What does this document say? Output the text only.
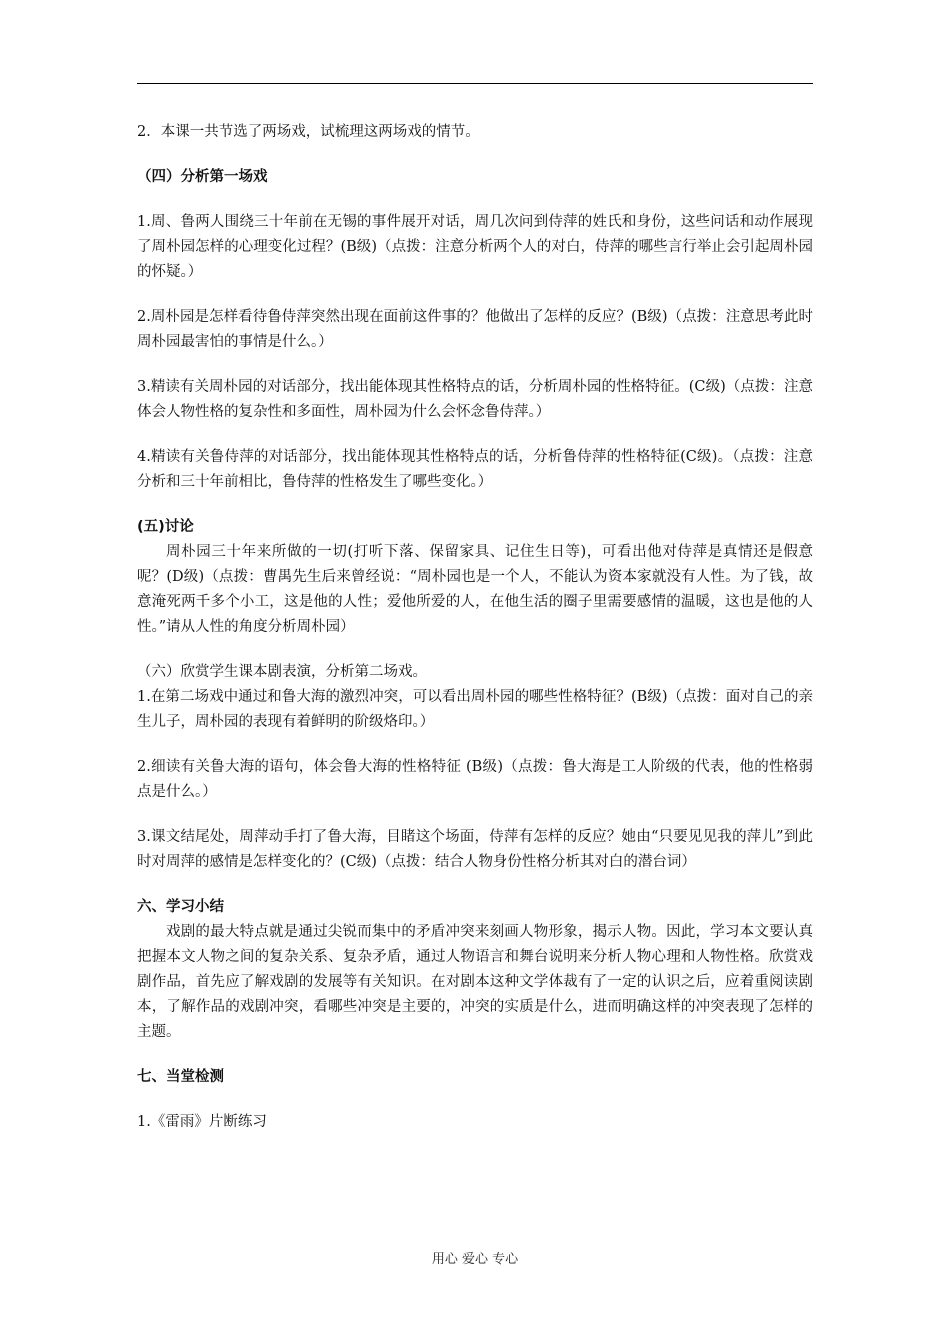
2．本课一共节选了两场戏，试梳理这两场戏的情节。

（四）分析第一场戏

1.周、鲁两人围绕三十年前在无锡的事件展开对话，周几次问到侍萍的姓氏和身份，这些问话和动作展现了周朴园怎样的心理变化过程？(B级)（点拨：注意分析两个人的对白，侍萍的哪些言行举止会引起周朴园的怀疑。）

2.周朴园是怎样看待鲁侍萍突然出现在面前这件事的？他做出了怎样的反应？(B级)（点拨：注意思考此时周朴园最害怕的事情是什么。）

3.精读有关周朴园的对话部分，找出能体现其性格特点的话，分析周朴园的性格特征。(C级)（点拨：注意体会人物性格的复杂性和多面性，周朴园为什么会怀念鲁侍萍。）

4.精读有关鲁侍萍的对话部分，找出能体现其性格特点的话，分析鲁侍萍的性格特征(C级)。（点拨：注意分析和三十年前相比，鲁侍萍的性格发生了哪些变化。）

(五)讨论

周朴园三十年来所做的一切(打听下落、保留家具、记住生日等)，可看出他对侍萍是真情还是假意呢？(D级)（点拨：曹禺先生后来曾经说：“周朴园也是一个人，不能认为资本家就没有人性。为了钱，故意淹死两千多个小工，这是他的人性；爱他所爱的人，在他生活的圈子里需要感情的温暖，这也是他的人性。”请从人性的角度分析周朴园）

（六）欣赏学生课本剧表演，分析第二场戏。

1.在第二场戏中通过和鲁大海的激烈冲突，可以看出周朴园的哪些性格特征？(B级)（点拨：面对自己的亲生儿子，周朴园的表现有着鲜明的阶级烙印。）

2.细读有关鲁大海的语句，体会鲁大海的性格特征 (B级)（点拨：鲁大海是工人阶级的代表，他的性格弱点是什么。）

3.课文结尾处，周萍动手打了鲁大海，目睹这个场面，侍萍有怎样的反应？她由“只要见见我的萍儿”到此时对周萍的感情是怎样变化的？(C级)（点拨：结合人物身份性格分析其对白的潜台词）

六、学习小结

戏剧的最大特点就是通过尖锐而集中的矛盾冲突来刻画人物形象，揭示人物。因此，学习本文要认真把握本文人物之间的复杂关系、复杂矛盾，通过人物语言和舞台说明来分析人物心理和人物性格。欣赏戏剧作品，首先应了解戏剧的发展等有关知识。在对剧本这种文学体裁有了一定的认识之后，应着重阅读剧本，了解作品的戏剧冲突，看哪些冲突是主要的，冲突的实质是什么，进而明确这样的冲突表现了怎样的主题。

七、当堂检测

1.《雷雨》片断练习

用心 爱心 专心
